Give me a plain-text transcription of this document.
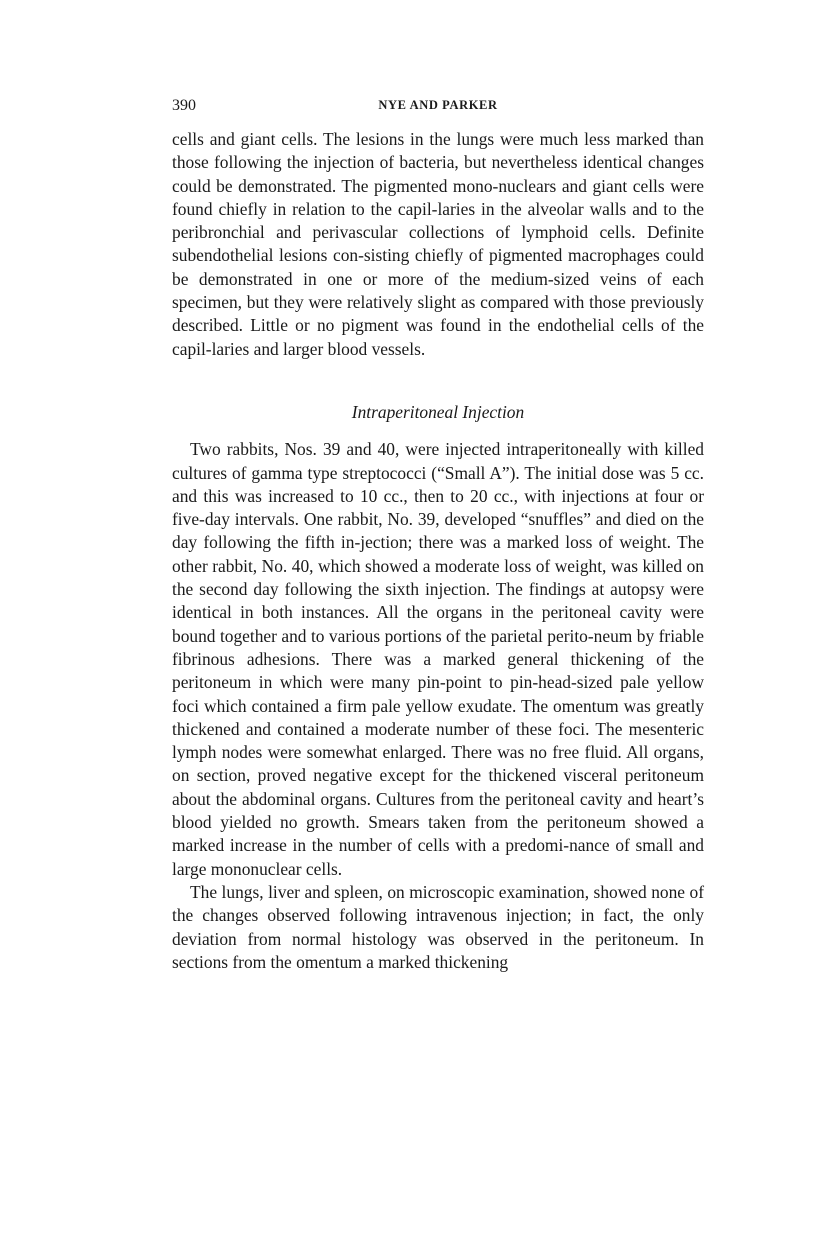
390	NYE AND PARKER

cells and giant cells. The lesions in the lungs were much less marked than those following the injection of bacteria, but nevertheless identical changes could be demonstrated. The pigmented mono-nuclears and giant cells were found chiefly in relation to the capil-laries in the alveolar walls and to the peribronchial and perivascular collections of lymphoid cells. Definite subendothelial lesions con-sisting chiefly of pigmented macrophages could be demonstrated in one or more of the medium-sized veins of each specimen, but they were relatively slight as compared with those previously described. Little or no pigment was found in the endothelial cells of the capil-laries and larger blood vessels.

Intraperitoneal Injection

Two rabbits, Nos. 39 and 40, were injected intraperitoneally with killed cultures of gamma type streptococci (“Small A”). The initial dose was 5 cc. and this was increased to 10 cc., then to 20 cc., with injections at four or five-day intervals. One rabbit, No. 39, developed “snuffles” and died on the day following the fifth in-jection; there was a marked loss of weight. The other rabbit, No. 40, which showed a moderate loss of weight, was killed on the second day following the sixth injection. The findings at autopsy were identical in both instances. All the organs in the peritoneal cavity were bound together and to various portions of the parietal perito-neum by friable fibrinous adhesions. There was a marked general thickening of the peritoneum in which were many pin-point to pin-head-sized pale yellow foci which contained a firm pale yellow exudate. The omentum was greatly thickened and contained a moderate number of these foci. The mesenteric lymph nodes were somewhat enlarged. There was no free fluid. All organs, on section, proved negative except for the thickened visceral peritoneum about the abdominal organs. Cultures from the peritoneal cavity and heart’s blood yielded no growth. Smears taken from the peritoneum showed a marked increase in the number of cells with a predomi-nance of small and large mononuclear cells.

The lungs, liver and spleen, on microscopic examination, showed none of the changes observed following intravenous injection; in fact, the only deviation from normal histology was observed in the peritoneum. In sections from the omentum a marked thickening
